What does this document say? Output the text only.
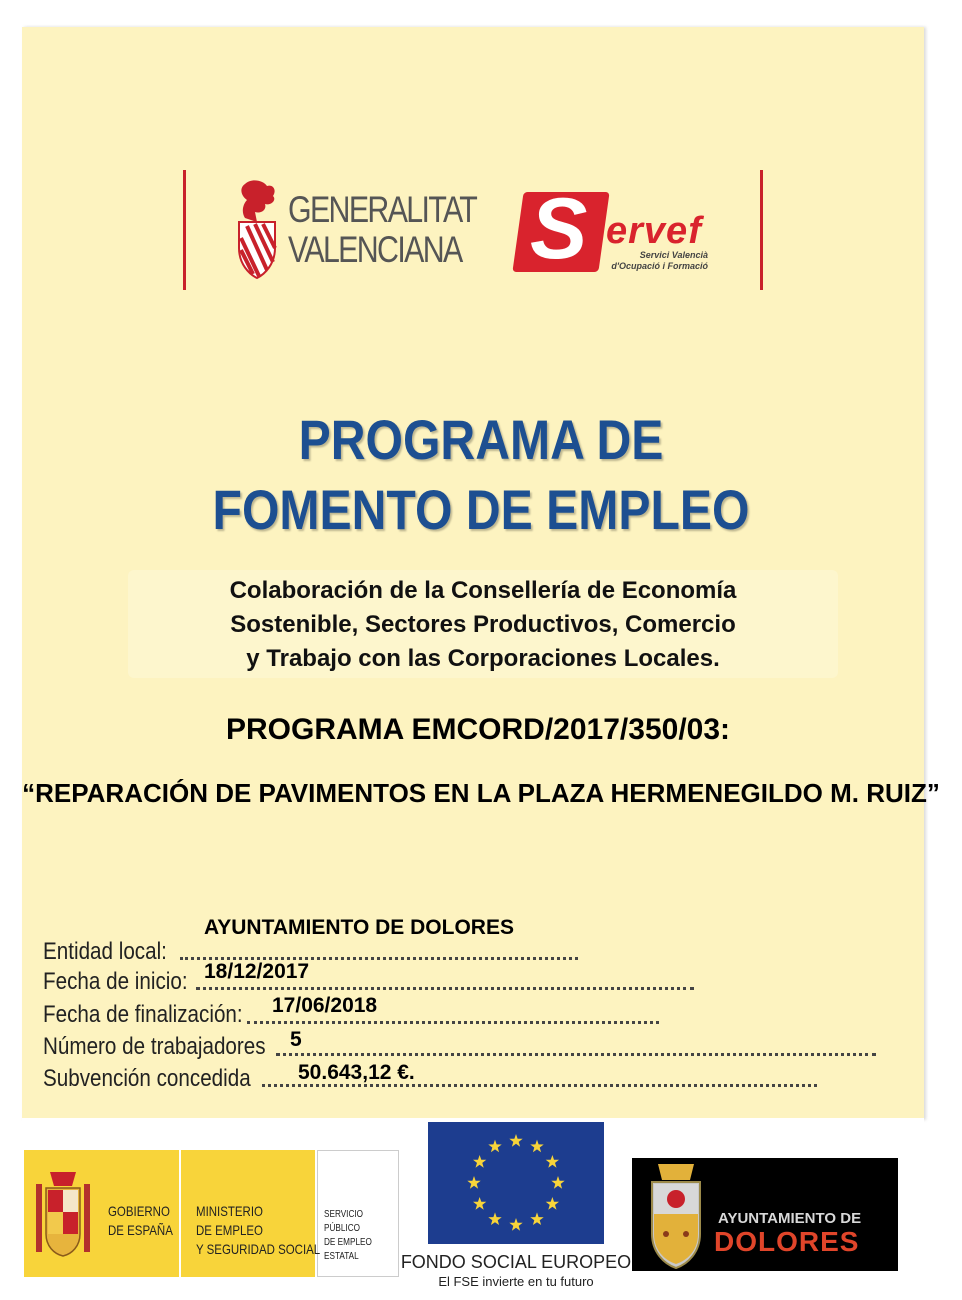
GENERALITAT
VALENCIANA S ervef
Servici Valencià
d'Ocupació i Formació
PROGRAMA DE
FOMENTO DE EMPLEO
Colaboración de la Consellería de Economía
Sostenible, Sectores Productivos, Comercio
y Trabajo con las Corporaciones Locales.
PROGRAMA EMCORD/2017/350/03:
“REPARACIÓN DE PAVIMENTOS EN LA PLAZA HERMENEGILDO M. RUIZ”
AYUNTAMIENTO DE DOLORES
Entidad local:
Fecha de inicio: 18/12/2017
Fecha de finalización: 17/06/2018
Número de trabajadores 5
Subvención concedida 50.643,12 €.
GOBIERNO
DE ESPAÑA
MINISTERIO
DE EMPLEO
Y SEGURIDAD SOCIAL
SERVICIO PÚBLICO
DE EMPLEO ESTATAL	FONDO SOCIAL EUROPEO
El FSE invierte en tu futuro
AYUNTAMIENTO DE
DOLORES
